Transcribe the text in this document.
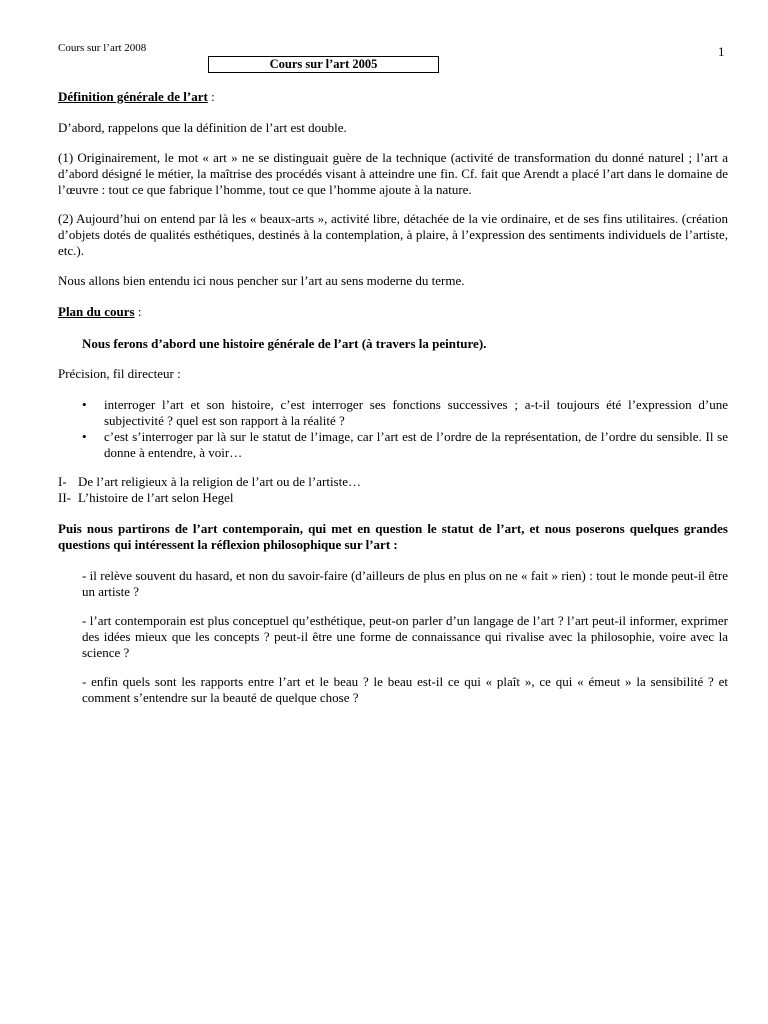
Cours sur l’art 2008	1
Cours sur l’art 2005
Définition générale de l’art :
D’abord, rappelons que la définition de l’art est double.
(1) Originairement, le mot « art » ne se distinguait guère de la technique (activité de transformation du donné naturel ; l’art a d’abord désigné le métier, la maîtrise des procédés visant à atteindre une fin. Cf. fait que Arendt a placé l’art dans le domaine de l’œuvre : tout ce que fabrique l’homme, tout ce que l’homme ajoute à la nature.
(2) Aujourd’hui on entend par là les « beaux-arts », activité libre, détachée de la vie ordinaire, et de ses fins utilitaires. (création d’objets dotés de qualités esthétiques, destinés à la contemplation, à plaire, à l’expression des sentiments individuels de l’artiste, etc.).
Nous allons bien entendu ici nous pencher sur l’art au sens moderne du terme.
Plan du cours :
Nous ferons d’abord une histoire générale de l’art (à travers la peinture).
Précision, fil directeur :
• interroger l’art et son histoire, c’est interroger ses fonctions successives ; a-t-il toujours été l’expression d’une subjectivité ? quel est son rapport à la réalité ?
• c’est s’interroger par là sur le statut de l’image, car l’art est de l’ordre de la représentation, de l’ordre du sensible. Il se donne à entendre, à voir…
I- De l’art religieux à la religion de l’art ou de l’artiste…
II- L’histoire de l’art selon Hegel
Puis nous partirons de l’art contemporain, qui met en question le statut de l’art, et nous poserons quelques grandes questions qui intéressent la réflexion philosophique sur l’art :
- il relève souvent du hasard, et non du savoir-faire (d’ailleurs de plus en plus on ne « fait » rien) : tout le monde peut-il être un artiste ?
- l’art contemporain est plus conceptuel qu’esthétique, peut-on parler d’un langage de l’art ? l’art peut-il informer, exprimer des idées mieux que les concepts ? peut-il être une forme de connaissance qui rivalise avec la philosophie, voire avec la science ?
- enfin quels sont les rapports entre l’art et le beau ? le beau est-il ce qui « plaît », ce qui « émeut » la sensibilité ? et comment s’entendre sur la beauté de quelque chose ?
